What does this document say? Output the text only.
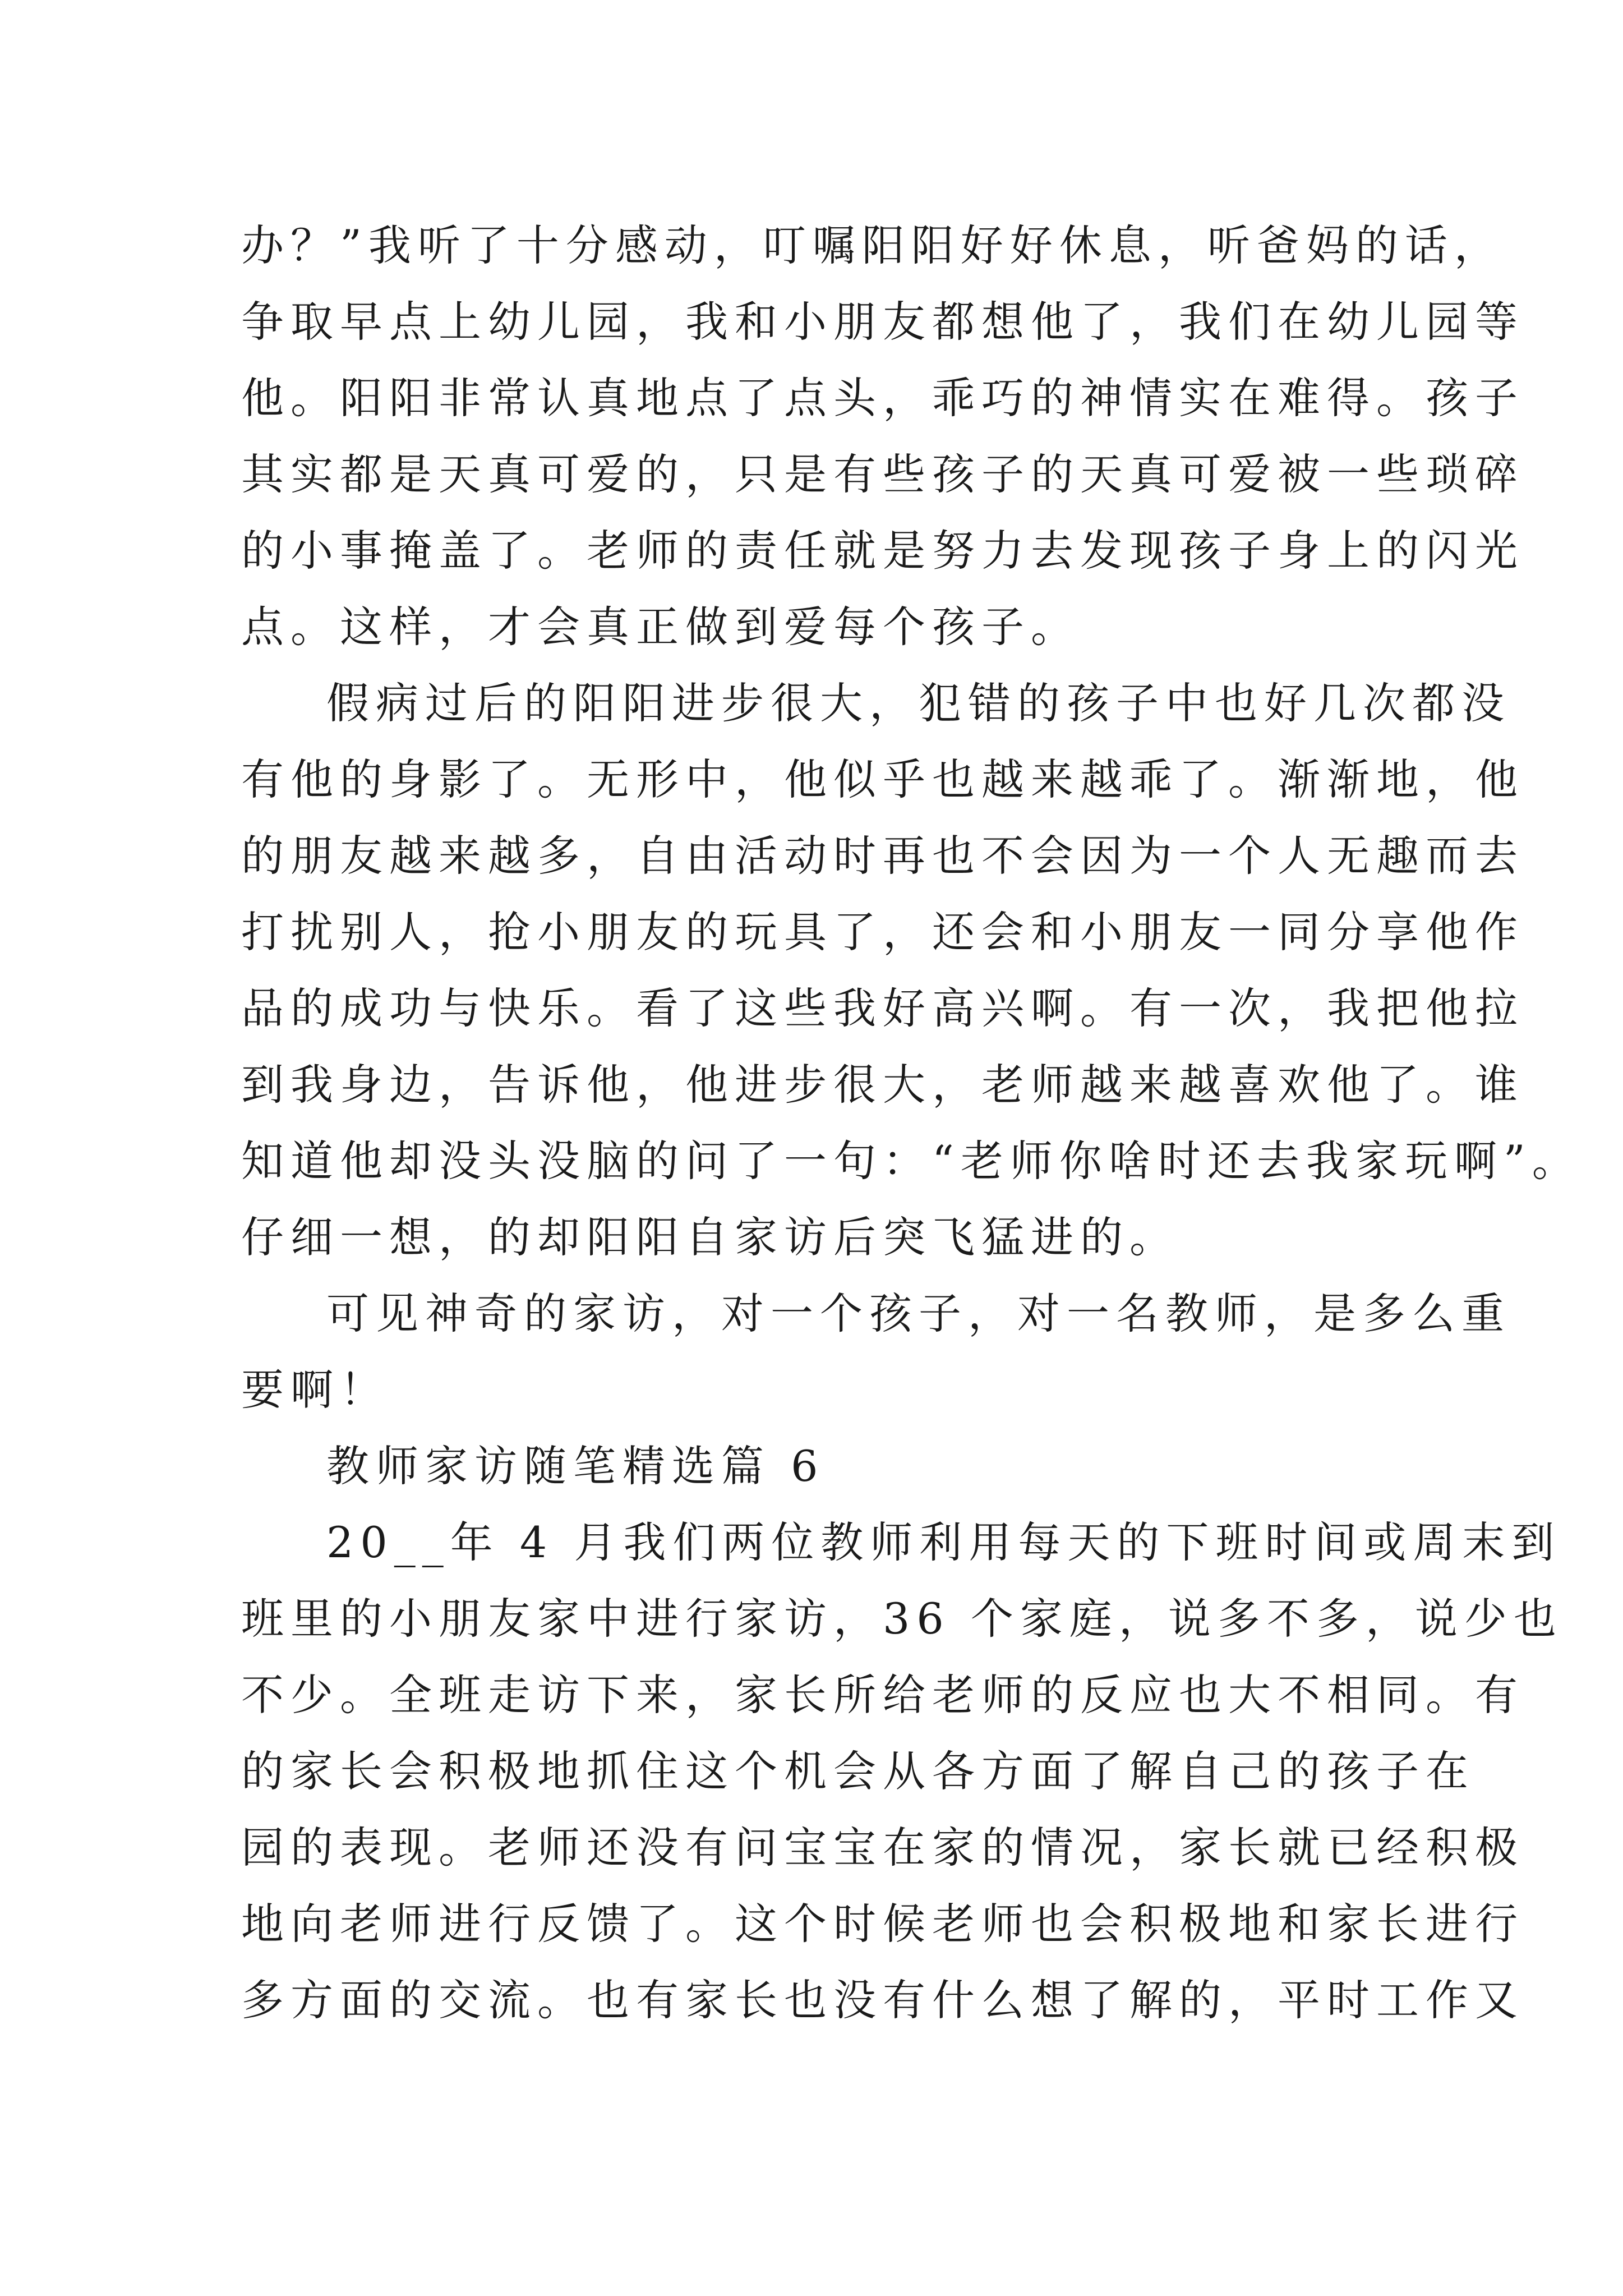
办？”我听了十分感动，叮嘱阳阳好好休息，听爸妈的话，
争取早点上幼儿园，我和小朋友都想他了，我们在幼儿园等
他。阳阳非常认真地点了点头，乖巧的神情实在难得。孩子
其实都是天真可爱的，只是有些孩子的天真可爱被一些琐碎
的小事掩盖了。老师的责任就是努力去发现孩子身上的闪光
点。这样，才会真正做到爱每个孩子。
假病过后的阳阳进步很大，犯错的孩子中也好几次都没
有他的身影了。无形中，他似乎也越来越乖了。渐渐地，他
的朋友越来越多，自由活动时再也不会因为一个人无趣而去
打扰别人，抢小朋友的玩具了，还会和小朋友一同分享他作
品的成功与快乐。看了这些我好高兴啊。有一次，我把他拉
到我身边，告诉他，他进步很大，老师越来越喜欢他了。谁
知道他却没头没脑的问了一句：“老师你啥时还去我家玩啊”。
仔细一想，的却阳阳自家访后突飞猛进的。
可见神奇的家访，对一个孩子，对一名教师，是多么重
要啊！
教师家访随笔精选篇 6
20__年 4 月我们两位教师利用每天的下班时间或周末到
班里的小朋友家中进行家访，36 个家庭，说多不多，说少也
不少。全班走访下来，家长所给老师的反应也大不相同。有
的家长会积极地抓住这个机会从各方面了解自己的孩子在
园的表现。老师还没有问宝宝在家的情况，家长就已经积极
地向老师进行反馈了。这个时候老师也会积极地和家长进行
多方面的交流。也有家长也没有什么想了解的，平时工作又
